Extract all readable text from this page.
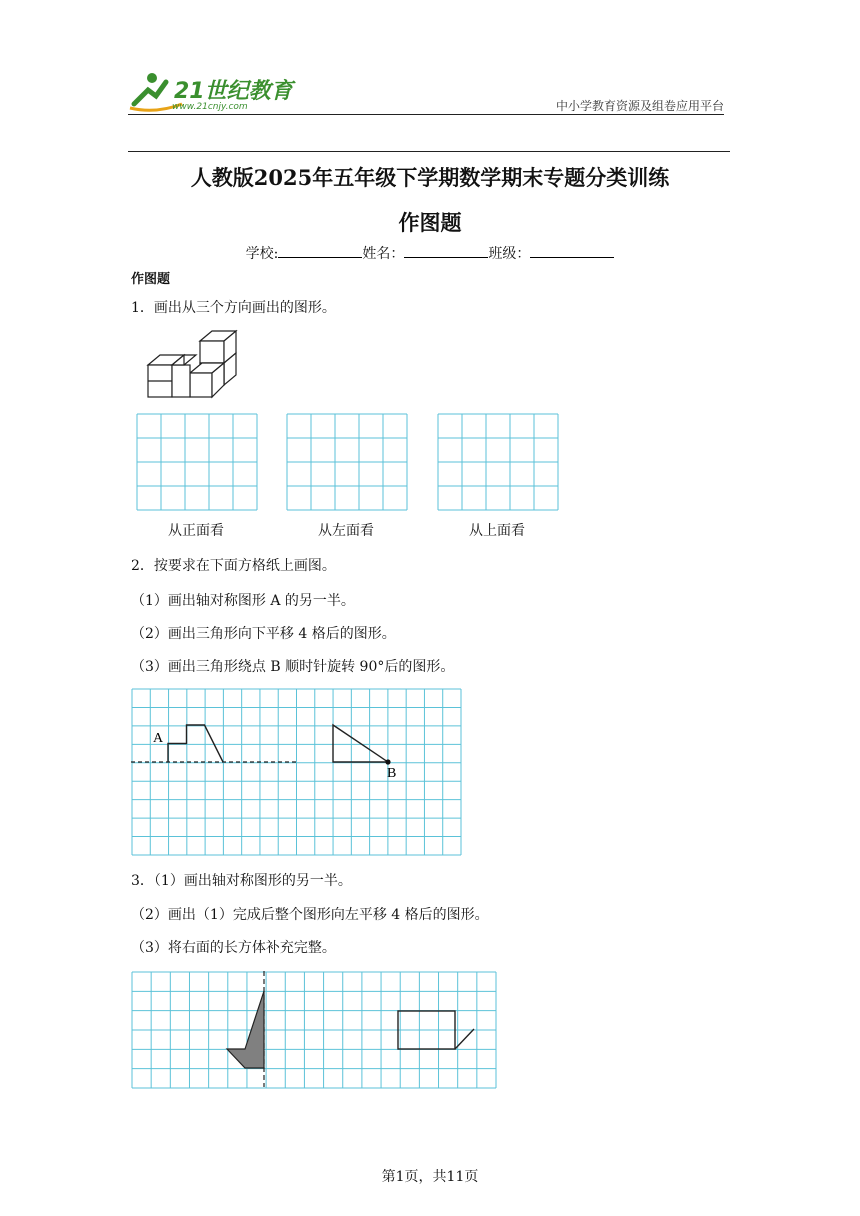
21世纪教育
www.21cnjy.com	中小学教育资源及组卷应用平台
人教版2025年五年级下学期数学期末专题分类训练
作图题
学校:	姓名：	班级：
作图题
1．画出从三个方向画出的图形。
从正面看	从左面看	从上面看
2．按要求在下面方格纸上画图。
（1）画出轴对称图形 A 的另一半。
（2）画出三角形向下平移 4 格后的图形。
（3）画出三角形绕点 B 顺时针旋转 90°后的图形。
A
B
3．（1）画出轴对称图形的另一半。
（2）画出（1）完成后整个图形向左平移 4 格后的图形。
（3）将右面的长方体补充完整。
第1页，共11页
